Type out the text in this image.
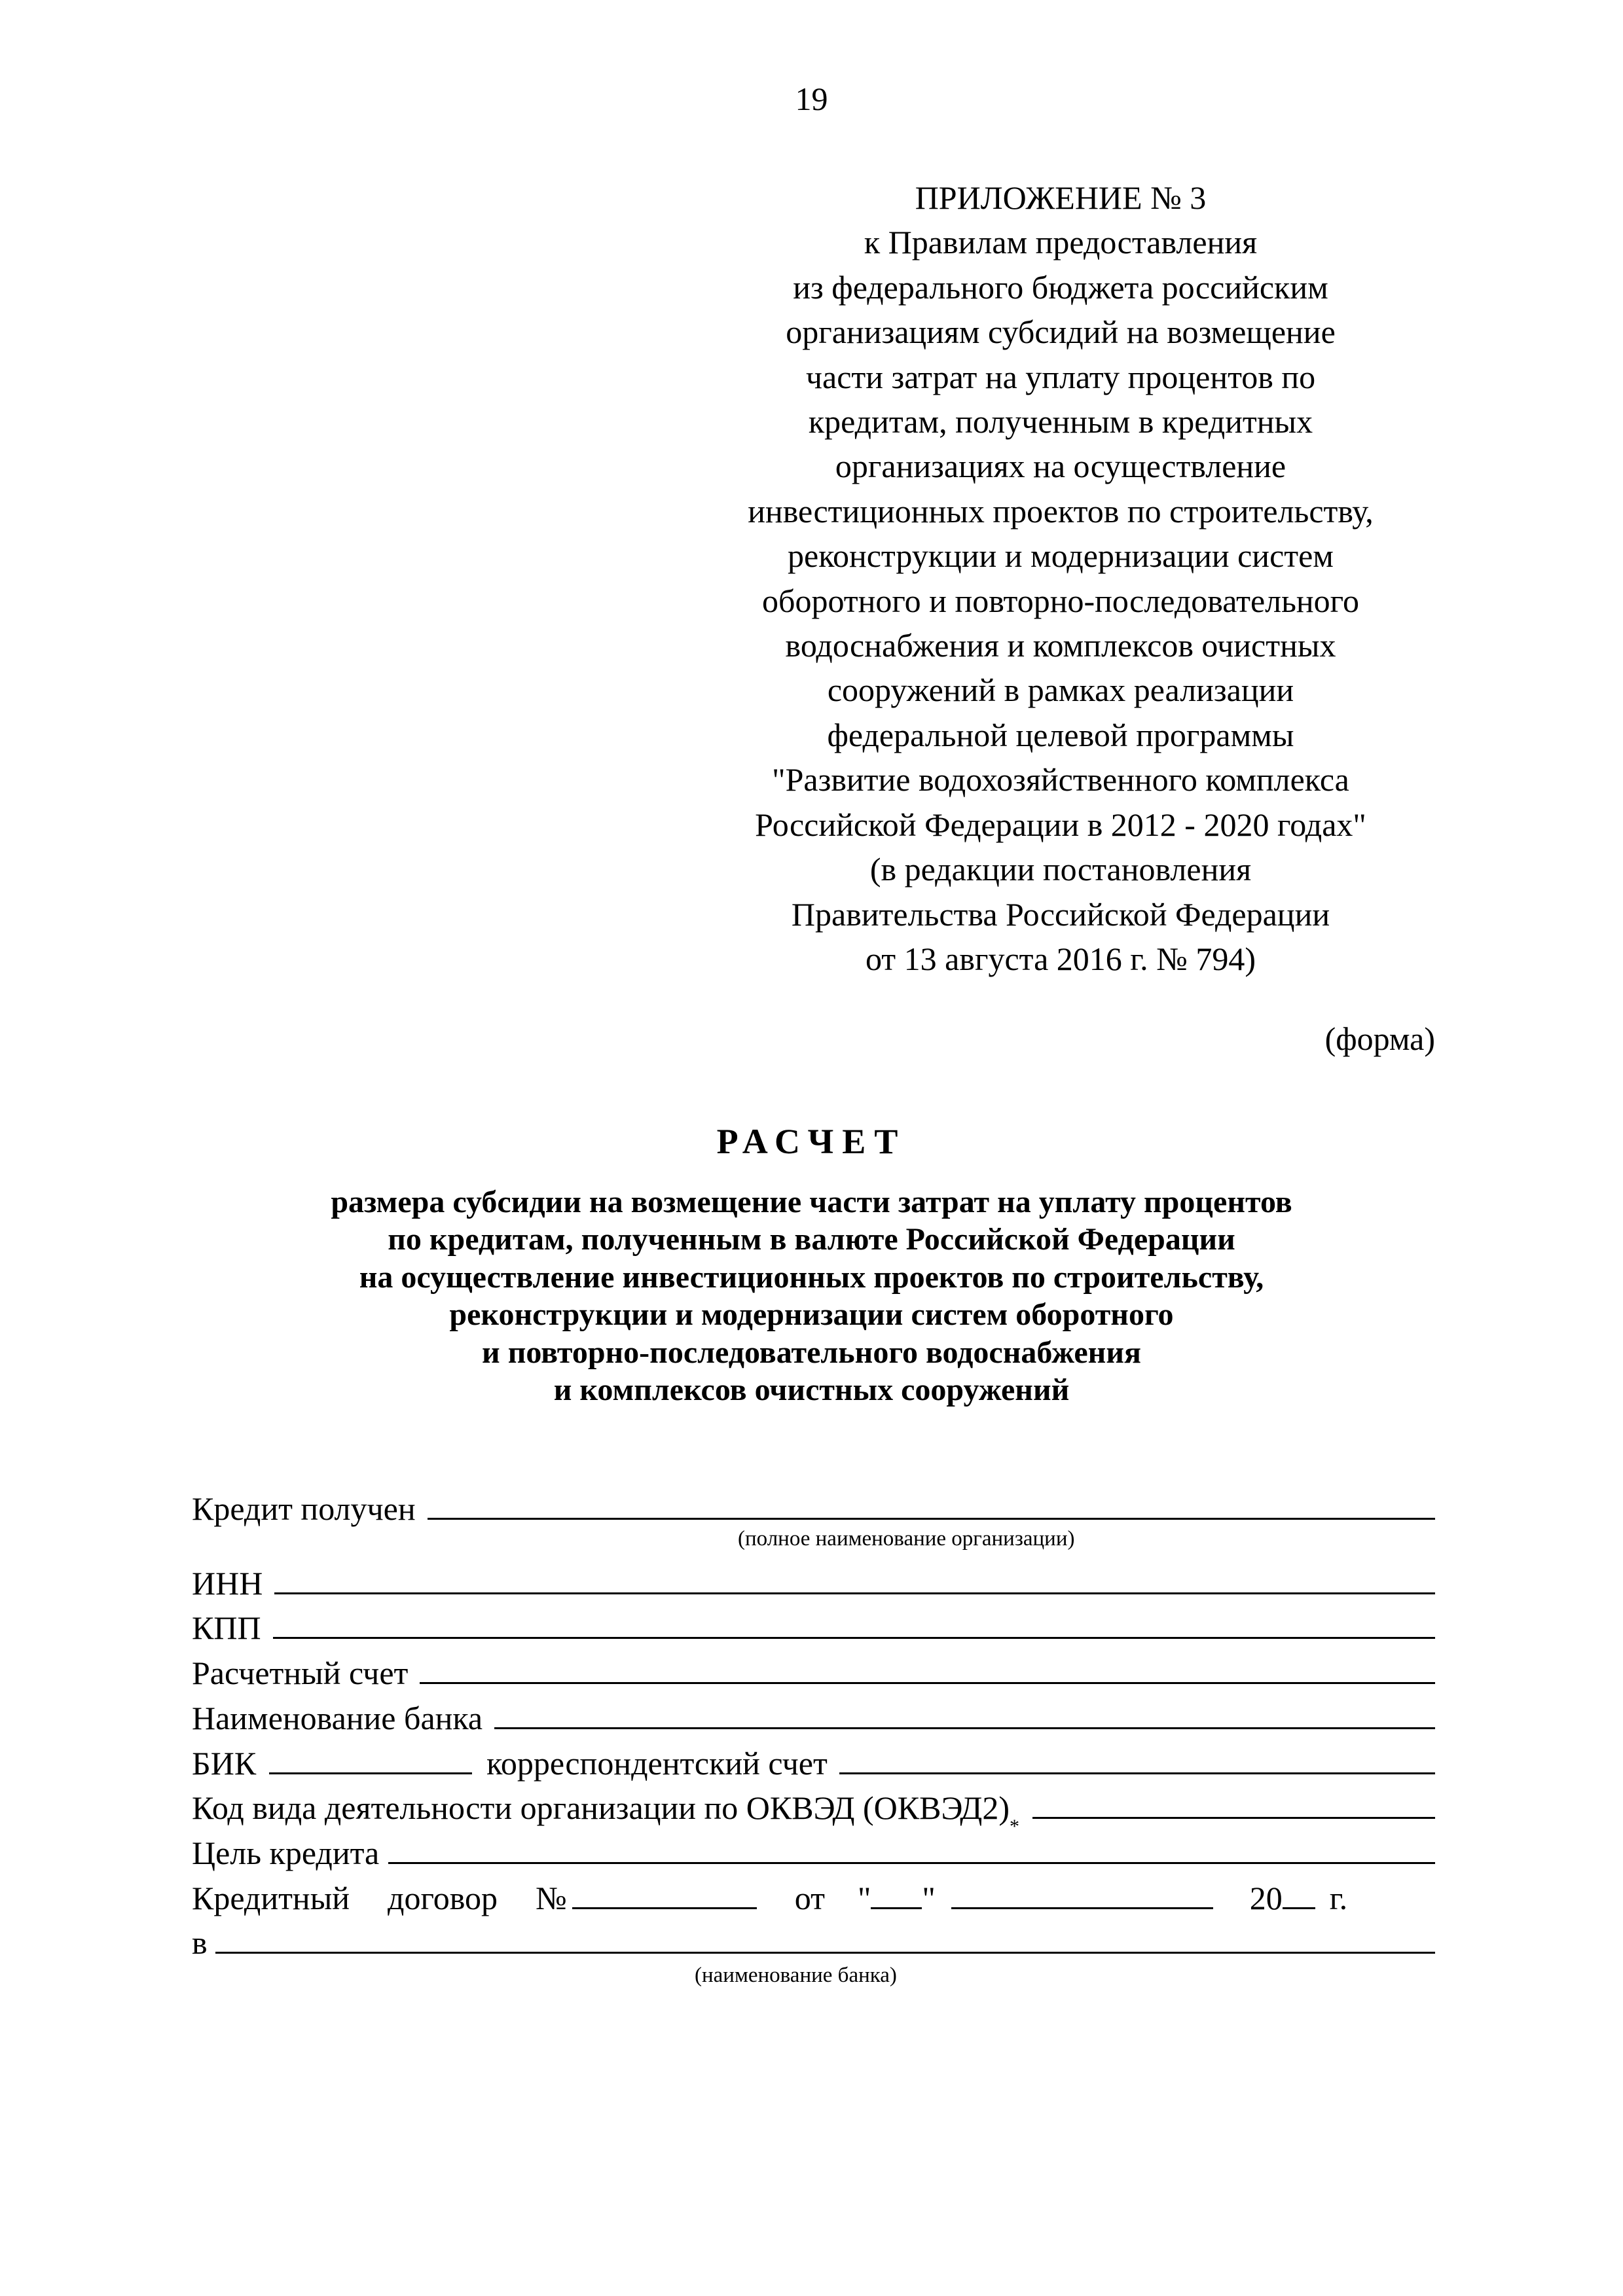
19
ПРИЛОЖЕНИЕ № 3
к Правилам предоставления
из федерального бюджета российским
организациям субсидий на возмещение
части затрат на уплату процентов по
кредитам, полученным в кредитных
организациях на осуществление
инвестиционных проектов по строительству,
реконструкции и модернизации систем
оборотного и повторно-последовательного
водоснабжения и комплексов очистных
сооружений в рамках реализации
федеральной целевой программы
"Развитие водохозяйственного комплекса
Российской Федерации в 2012 - 2020 годах"
(в редакции постановления
Правительства Российской Федерации
от 13 августа 2016 г. № 794)
(форма)
РАСЧЕТ
размера субсидии на возмещение части затрат на уплату процентов
по кредитам, полученным в валюте Российской Федерации
на осуществление инвестиционных проектов по строительству,
реконструкции и модернизации систем оборотного
и повторно-последовательного водоснабжения
и комплексов очистных сооружений
Кредит получен
(полное наименование организации)
ИНН
КПП
Расчетный счет
Наименование банка
БИК	корреспондентский счет
Код вида деятельности организации по ОКВЭД (ОКВЭД2)
*
Цель кредита
Кредитный договор №	от " "	20 г.
в
(наименование банка)
